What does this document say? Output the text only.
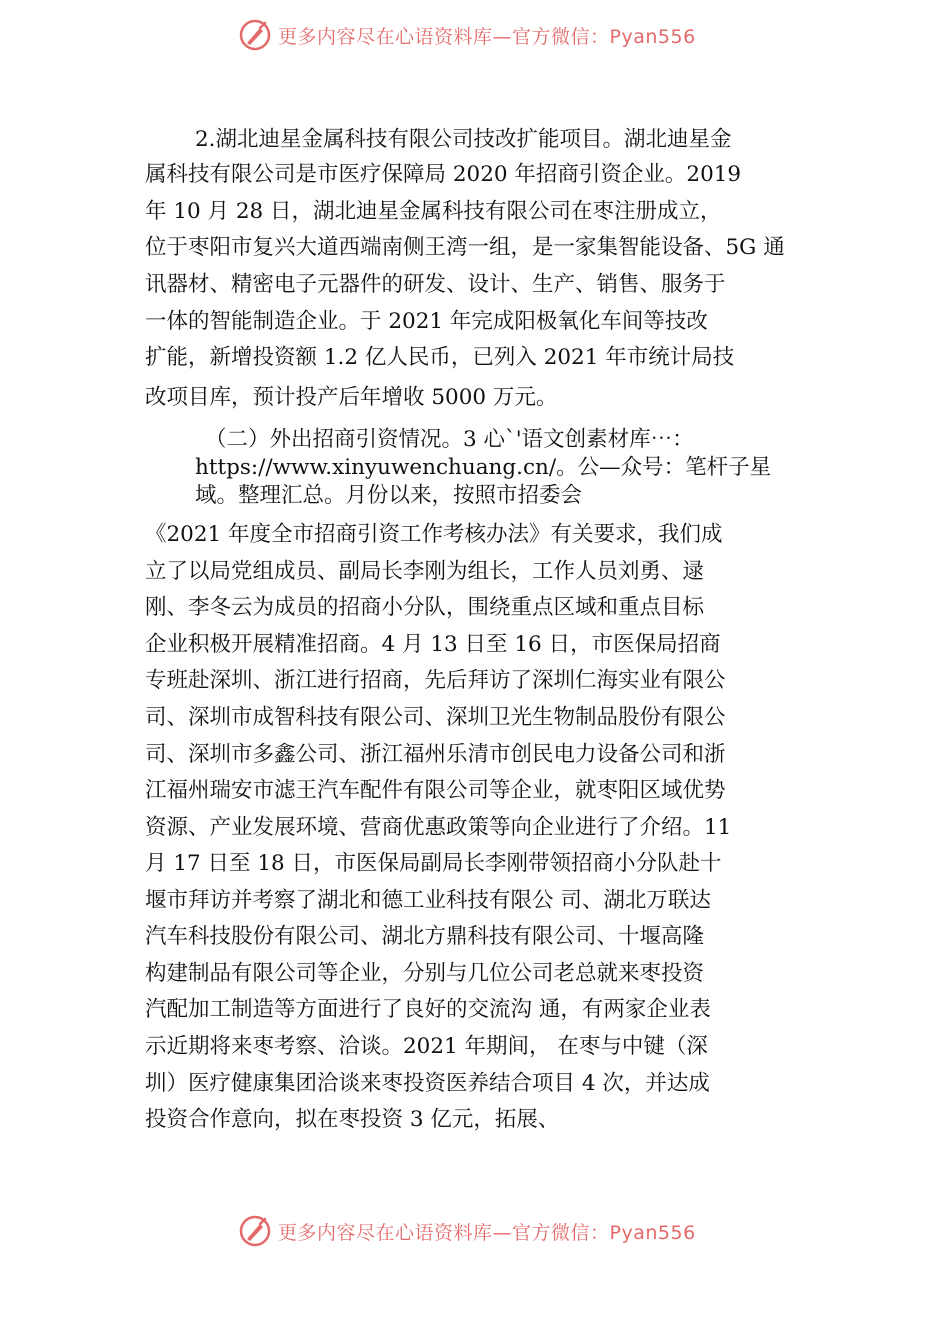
更多内容尽在心语资料库—官方微信：Pyan556
2.湖北迪星金属科技有限公司技改扩能项目。湖北迪星金
属科技有限公司是市医疗保障局 2020 年招商引资企业。2019
年 10 月 28 日，湖北迪星金属科技有限公司在枣注册成立，
位于枣阳市复兴大道西端南侧王湾一组，是一家集智能设备、5G 通
讯器材、精密电子元器件的研发、设计、生产、销售、服务于
一体的智能制造企业。于 2021 年完成阳极氧化车间等技改
扩能，新增投资额 1.2 亿人民币，已列入 2021 年市统计局技
改项目库，预计投产后年增收 5000 万元。
（二）外出招商引资情况。3 心`'语文创素材库⋯：
https://www.xinyuwenchuang.cn/。公—众号：笔杆子星
域。整理汇总。月份以来，按照市招委会
《2021 年度全市招商引资工作考核办法》有关要求，我们成
立了以局党组成员、副局长李刚为组长，工作人员刘勇、逯
刚、李冬云为成员的招商小分队，围绕重点区域和重点目标
企业积极开展精准招商。4 月 13 日至 16 日，市医保局招商
专班赴深圳、浙江进行招商，先后拜访了深圳仁海实业有限公
司、深圳市成智科技有限公司、深圳卫光生物制品股份有限公
司、深圳市多鑫公司、浙江福州乐清市创民电力设备公司和浙
江福州瑞安市滤王汽车配件有限公司等企业，就枣阳区域优势
资源、产业发展环境、营商优惠政策等向企业进行了介绍。11
月 17 日至 18 日，市医保局副局长李刚带领招商小分队赴十
堰市拜访并考察了湖北和德工业科技有限公 司、湖北万联达
汽车科技股份有限公司、湖北方鼎科技有限公司、十堰高隆
构建制品有限公司等企业，分别与几位公司老总就来枣投资
汽配加工制造等方面进行了良好的交流沟 通，有两家企业表
示近期将来枣考察、洽谈。2021 年期间， 在枣与中键（深
圳）医疗健康集团洽谈来枣投资医养结合项目 4 次，并达成
投资合作意向，拟在枣投资 3 亿元，拓展、
更多内容尽在心语资料库—官方微信：Pyan556
